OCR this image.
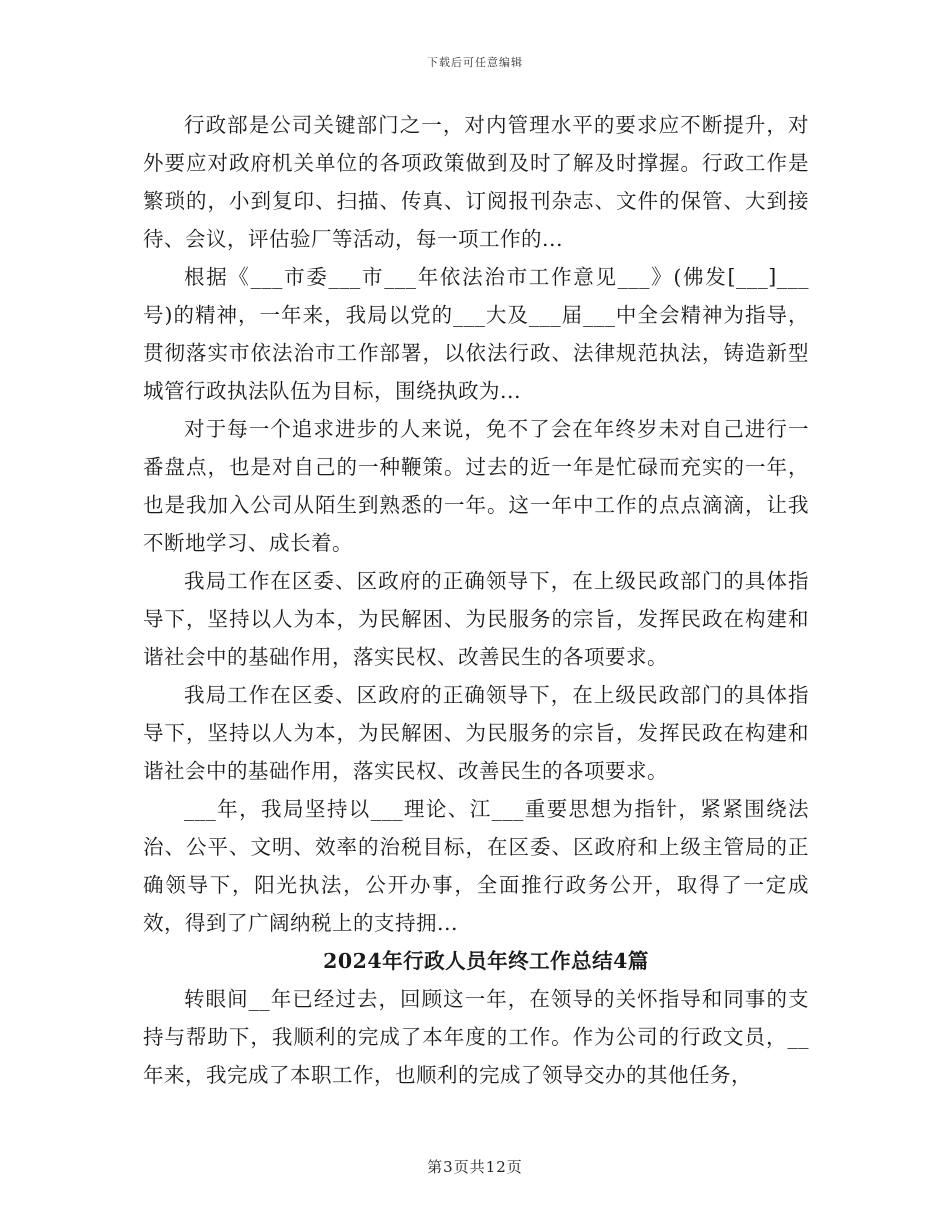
下载后可任意编辑

行政部是公司关键部门之一，对内管理水平的要求应不断提升，对外要应对政府机关单位的各项政策做到及时了解及时撑握。行政工作是繁琐的，小到复印、扫描、传真、订阅报刊杂志、文件的保管、大到接待、会议，评估验厂等活动，每一项工作的...

根据《___市委___市___年依法治市工作意见___》(佛发[___]___号)的精神，一年来，我局以党的___大及___届___中全会精神为指导，贯彻落实市依法治市工作部署，以依法行政、法律规范执法，铸造新型城管行政执法队伍为目标，围绕执政为...

对于每一个追求进步的人来说，免不了会在年终岁未对自己进行一番盘点，也是对自己的一种鞭策。过去的近一年是忙碌而充实的一年，也是我加入公司从陌生到熟悉的一年。这一年中工作的点点滴滴，让我不断地学习、成长着。

我局工作在区委、区政府的正确领导下，在上级民政部门的具体指导下，坚持以人为本，为民解困、为民服务的宗旨，发挥民政在构建和谐社会中的基础作用，落实民权、改善民生的各项要求。

我局工作在区委、区政府的正确领导下，在上级民政部门的具体指导下，坚持以人为本，为民解困、为民服务的宗旨，发挥民政在构建和谐社会中的基础作用，落实民权、改善民生的各项要求。

___年，我局坚持以___理论、江___重要思想为指针，紧紧围绕法治、公平、文明、效率的治税目标，在区委、区政府和上级主管局的正确领导下，阳光执法，公开办事，全面推行政务公开，取得了一定成效，得到了广阔纳税上的支持拥...

2024年行政人员年终工作总结4篇

转眼间__年已经过去，回顾这一年，在领导的关怀指导和同事的支持与帮助下，我顺利的完成了本年度的工作。作为公司的行政文员，__年来，我完成了本职工作，也顺利的完成了领导交办的其他任务，

第3页共12页
